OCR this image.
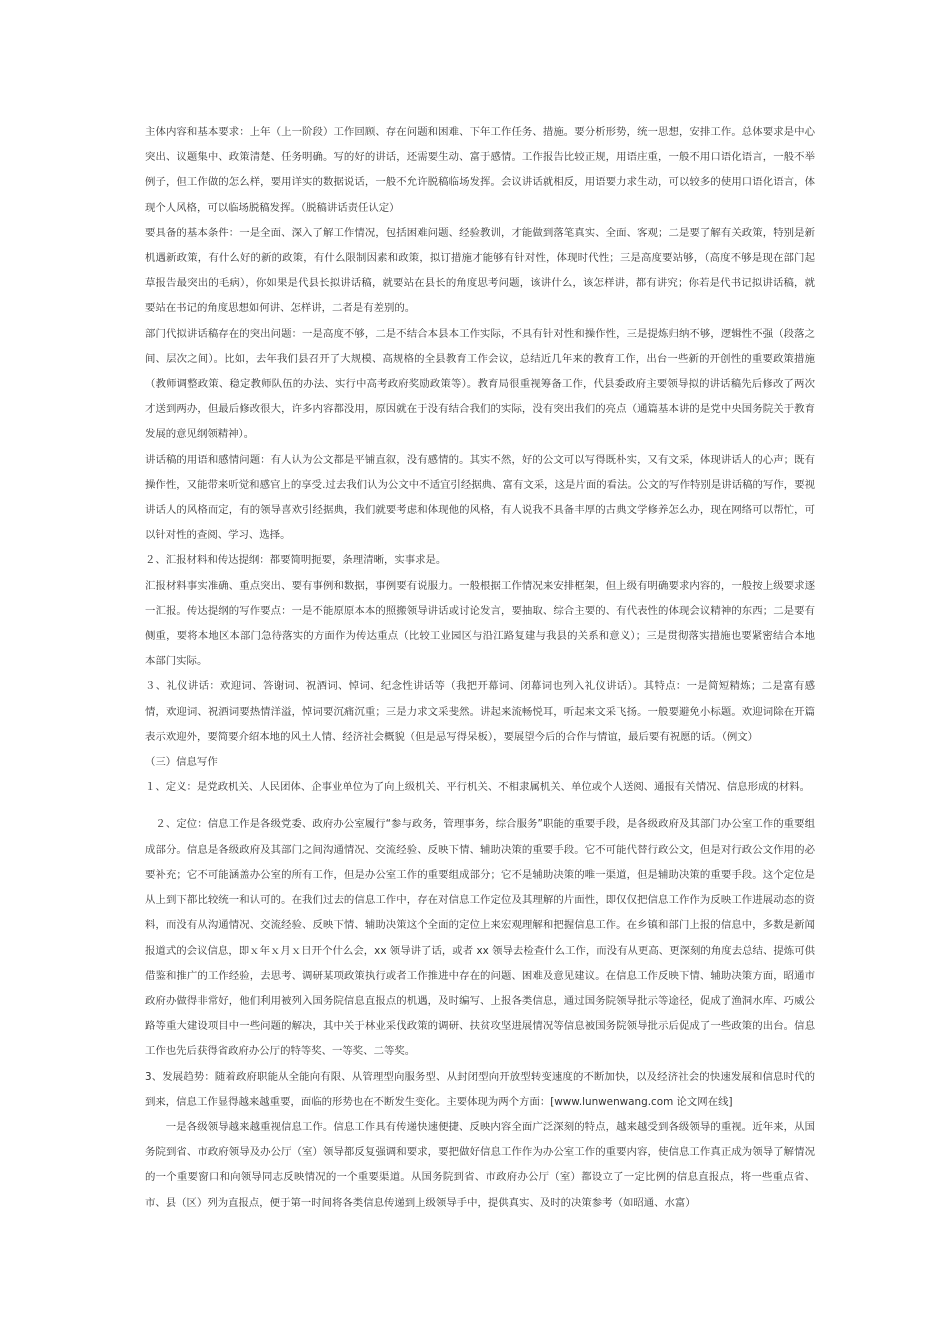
主体内容和基本要求：上年（上一阶段）工作回顾、存在问题和困难、下年工作任务、措施。要分析形势，统一思想，安排工作。总体要求是中心突出、议题集中、政策清楚、任务明确。写的好的讲话，还需要生动、富于感情。工作报告比较正规，用语庄重，一般不用口语化语言，一般不举例子，但工作做的怎么样，要用详实的数据说话，一般不允许脱稿临场发挥。会议讲话就相反，用语要力求生动，可以较多的使用口语化语言，体现个人风格，可以临场脱稿发挥。（脱稿讲话责任认定）

要具备的基本条件：一是全面、深入了解工作情况，包括困难问题、经验教训，才能做到落笔真实、全面、客观；二是要了解有关政策，特别是新机遇新政策，有什么好的新的政策，有什么限制因素和政策，拟订措施才能够有针对性，体现时代性；三是高度要站够，（高度不够是现在部门起草报告最突出的毛病），你如果是代县长拟讲话稿，就要站在县长的角度思考问题，该讲什么，该怎样讲，都有讲究；你若是代书记拟讲话稿，就要站在书记的角度思想如何讲、怎样讲，二者是有差别的。

部门代拟讲话稿存在的突出问题：一是高度不够，二是不结合本县本工作实际，不具有针对性和操作性，三是提炼归纳不够，逻辑性不强（段落之间、层次之间）。比如，去年我们县召开了大规模、高规格的全县教育工作会议，总结近几年来的教育工作，出台一些新的开创性的重要政策措施（教师调整政策、稳定教师队伍的办法、实行中高考政府奖励政策等）。教育局很重视筹备工作，代县委政府主要领导拟的讲话稿先后修改了两次才送到两办，但最后修改很大，许多内容都没用，原因就在于没有结合我们的实际，没有突出我们的亮点（通篇基本讲的是党中央国务院关于教育发展的意见纲领精神）。

讲话稿的用语和感情问题：有人认为公文都是平铺直叙，没有感情的。其实不然，好的公文可以写得既朴实，又有文采，体现讲话人的心声；既有操作性，又能带来听觉和感官上的享受.过去我们认为公文中不适宜引经据典、富有文采，这是片面的看法。公文的写作特别是讲话稿的写作，要视讲话人的风格而定，有的领导喜欢引经据典，我们就要考虑和体现他的风格，有人说我不具备丰厚的古典文学修养怎么办，现在网络可以帮忙，可以针对性的查阅、学习、选择。

２、汇报材料和传达提纲：都要简明扼要，条理清晰，实事求是。

汇报材料事实准确、重点突出、要有事例和数据，事例要有说服力。一般根据工作情况来安排框架，但上级有明确要求内容的，一般按上级要求逐一汇报。传达提纲的写作要点：一是不能原原本本的照搬领导讲话或讨论发言，要抽取、综合主要的、有代表性的体现会议精神的东西；二是要有侧重，要将本地区本部门急待落实的方面作为传达重点（比较工业园区与沿江路复建与我县的关系和意义）；三是贯彻落实措施也要紧密结合本地本部门实际。

３、礼仪讲话：欢迎词、答谢词、祝酒词、悼词、纪念性讲话等（我把开幕词、闭幕词也列入礼仪讲话）。其特点：一是简短精炼；二是富有感情，欢迎词、祝酒词要热情洋溢，悼词要沉痛沉重；三是力求文采斐然。讲起来流畅悦耳，听起来文采飞扬。一般要避免小标题。欢迎词除在开篇表示欢迎外，要简要介绍本地的风土人情、经济社会概貌（但是忌写得呆板），要展望今后的合作与情谊，最后要有祝愿的话。（例文）

（三）信息写作

１、定义：是党政机关、人民团体、企事业单位为了向上级机关、平行机关、不相隶属机关、单位或个人送阅、通报有关情况、信息形成的材料。

２、定位：信息工作是各级党委、政府办公室履行“参与政务，管理事务，综合服务”职能的重要手段，是各级政府及其部门办公室工作的重要组成部分。信息是各级政府及其部门之间沟通情况、交流经验、反映下情、辅助决策的重要手段。它不可能代替行政公文，但是对行政公文作用的必要补充；它不可能涵盖办公室的所有工作，但是办公室工作的重要组成部分；它不是辅助决策的唯一渠道，但是辅助决策的重要手段。这个定位是从上到下都比较统一和认可的。在我们过去的信息工作中，存在对信息工作定位及其理解的片面性，即仅仅把信息工作作为反映工作进展动态的资料，而没有从沟通情况、交流经验、反映下情、辅助决策这个全面的定位上来宏观理解和把握信息工作。在乡镇和部门上报的信息中，多数是新闻报道式的会议信息，即ｘ年ｘ月ｘ日开个什么会，xx 领导讲了话，或者 xx 领导去检查什么工作，而没有从更高、更深刻的角度去总结、提炼可供借鉴和推广的工作经验，去思考、调研某项政策执行或者工作推进中存在的问题、困难及意见建议。在信息工作反映下情、辅助决策方面，昭通市政府办做得非常好，他们利用被列入国务院信息直报点的机遇，及时编写、上报各类信息，通过国务院领导批示等途径，促成了渔洞水库、巧威公路等重大建设项目中一些问题的解决，其中关于林业采伐政策的调研、扶贫攻坚进展情况等信息被国务院领导批示后促成了一些政策的出台。信息工作也先后获得省政府办公厅的特等奖、一等奖、二等奖。

3、发展趋势：随着政府职能从全能向有限、从管理型向服务型、从封闭型向开放型转变速度的不断加快，以及经济社会的快速发展和信息时代的到来，信息工作显得越来越重要，面临的形势也在不断发生变化。主要体现为两个方面：[www.lunwenwang.com 论文网在线]

一是各级领导越来越重视信息工作。信息工作具有传递快速便捷、反映内容全面广泛深刻的特点，越来越受到各级领导的重视。近年来，从国务院到省、市政府领导及办公厅（室）领导都反复强调和要求，要把做好信息工作作为办公室工作的重要内容，使信息工作真正成为领导了解情况的一个重要窗口和向领导同志反映情况的一个重要渠道。从国务院到省、市政府办公厅（室）都设立了一定比例的信息直报点，将一些重点省、市、县（区）列为直报点，便于第一时间将各类信息传递到上级领导手中，提供真实、及时的决策参考（如昭通、水富）
